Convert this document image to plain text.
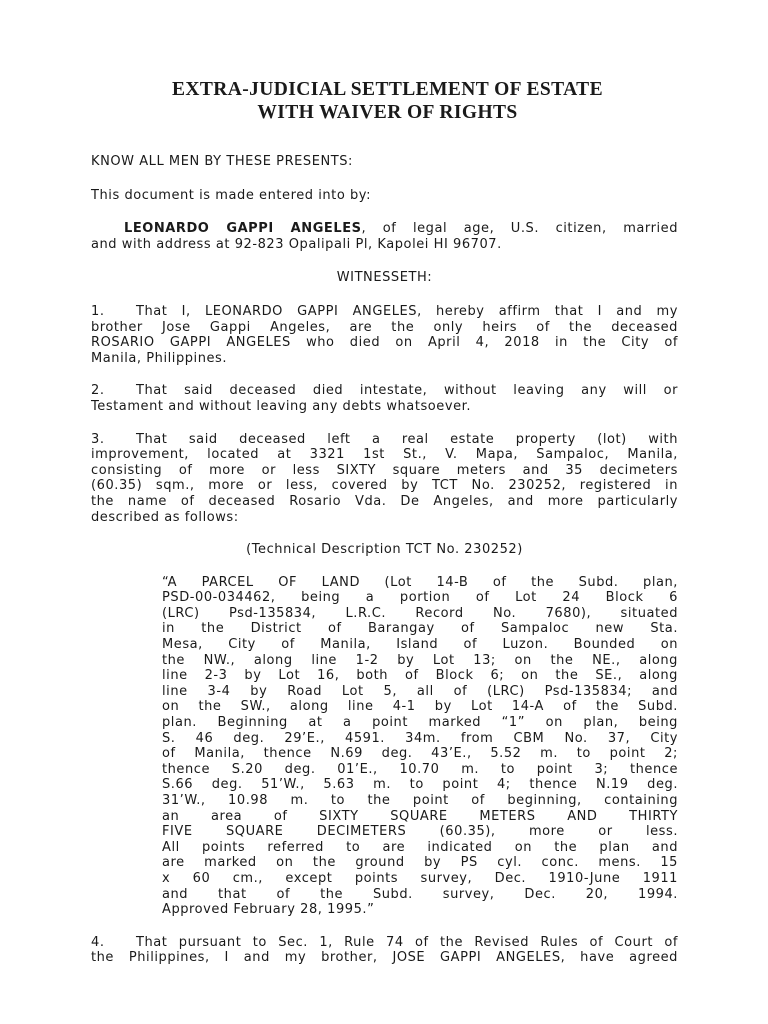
EXTRA-JUDICIAL SETTLEMENT OF ESTATE
WITH WAIVER OF RIGHTS

KNOW ALL MEN BY THESE PRESENTS:

This document is made entered into by:

LEONARDO GAPPI ANGELES, of legal age, U.S. citizen, married
and with address at 92-823 Opalipali Pl, Kapolei HI 96707.

WITNESSETH:

1. That I, LEONARDO GAPPI ANGELES, hereby affirm that I and my
brother Jose Gappi Angeles, are the only heirs of the deceased
ROSARIO GAPPI ANGELES who died on April 4, 2018 in the City of
Manila, Philippines.

2. That said deceased died intestate, without leaving any will or
Testament and without leaving any debts whatsoever.

3. That said deceased left a real estate property (lot) with
improvement, located at 3321 1st St., V. Mapa, Sampaloc, Manila,
consisting of more or less SIXTY square meters and 35 decimeters
(60.35) sqm., more or less, covered by TCT No. 230252, registered in
the name of deceased Rosario Vda. De Angeles, and more particularly
described as follows:

(Technical Description TCT No. 230252)

“A PARCEL OF LAND (Lot 14-B of the Subd. plan,
PSD-00-034462, being a portion of Lot 24 Block 6
(LRC) Psd-135834, L.R.C. Record No. 7680), situated
in the District of Barangay of Sampaloc new Sta.
Mesa, City of Manila, Island of Luzon. Bounded on
the NW., along line 1-2 by Lot 13; on the NE., along
line 2-3 by Lot 16, both of Block 6; on the SE., along
line 3-4 by Road Lot 5, all of (LRC) Psd-135834; and
on the SW., along line 4-1 by Lot 14-A of the Subd.
plan. Beginning at a point marked “1” on plan, being
S. 46 deg. 29’E., 4591. 34m. from CBM No. 37, City
of Manila, thence N.69 deg. 43’E., 5.52 m. to point 2;
thence S.20 deg. 01’E., 10.70 m. to point 3; thence
S.66 deg. 51’W., 5.63 m. to point 4; thence N.19 deg.
31’W., 10.98 m. to the point of beginning, containing
an area of SIXTY SQUARE METERS AND THIRTY
FIVE SQUARE DECIMETERS (60.35), more or less.
All points referred to are indicated on the plan and
are marked on the ground by PS cyl. conc. mens. 15
x 60 cm., except points survey, Dec. 1910-June 1911
and that of the Subd. survey, Dec. 20, 1994.
Approved February 28, 1995.”

4. That pursuant to Sec. 1, Rule 74 of the Revised Rules of Court of
the Philippines, I and my brother, JOSE GAPPI ANGELES, have agreed
